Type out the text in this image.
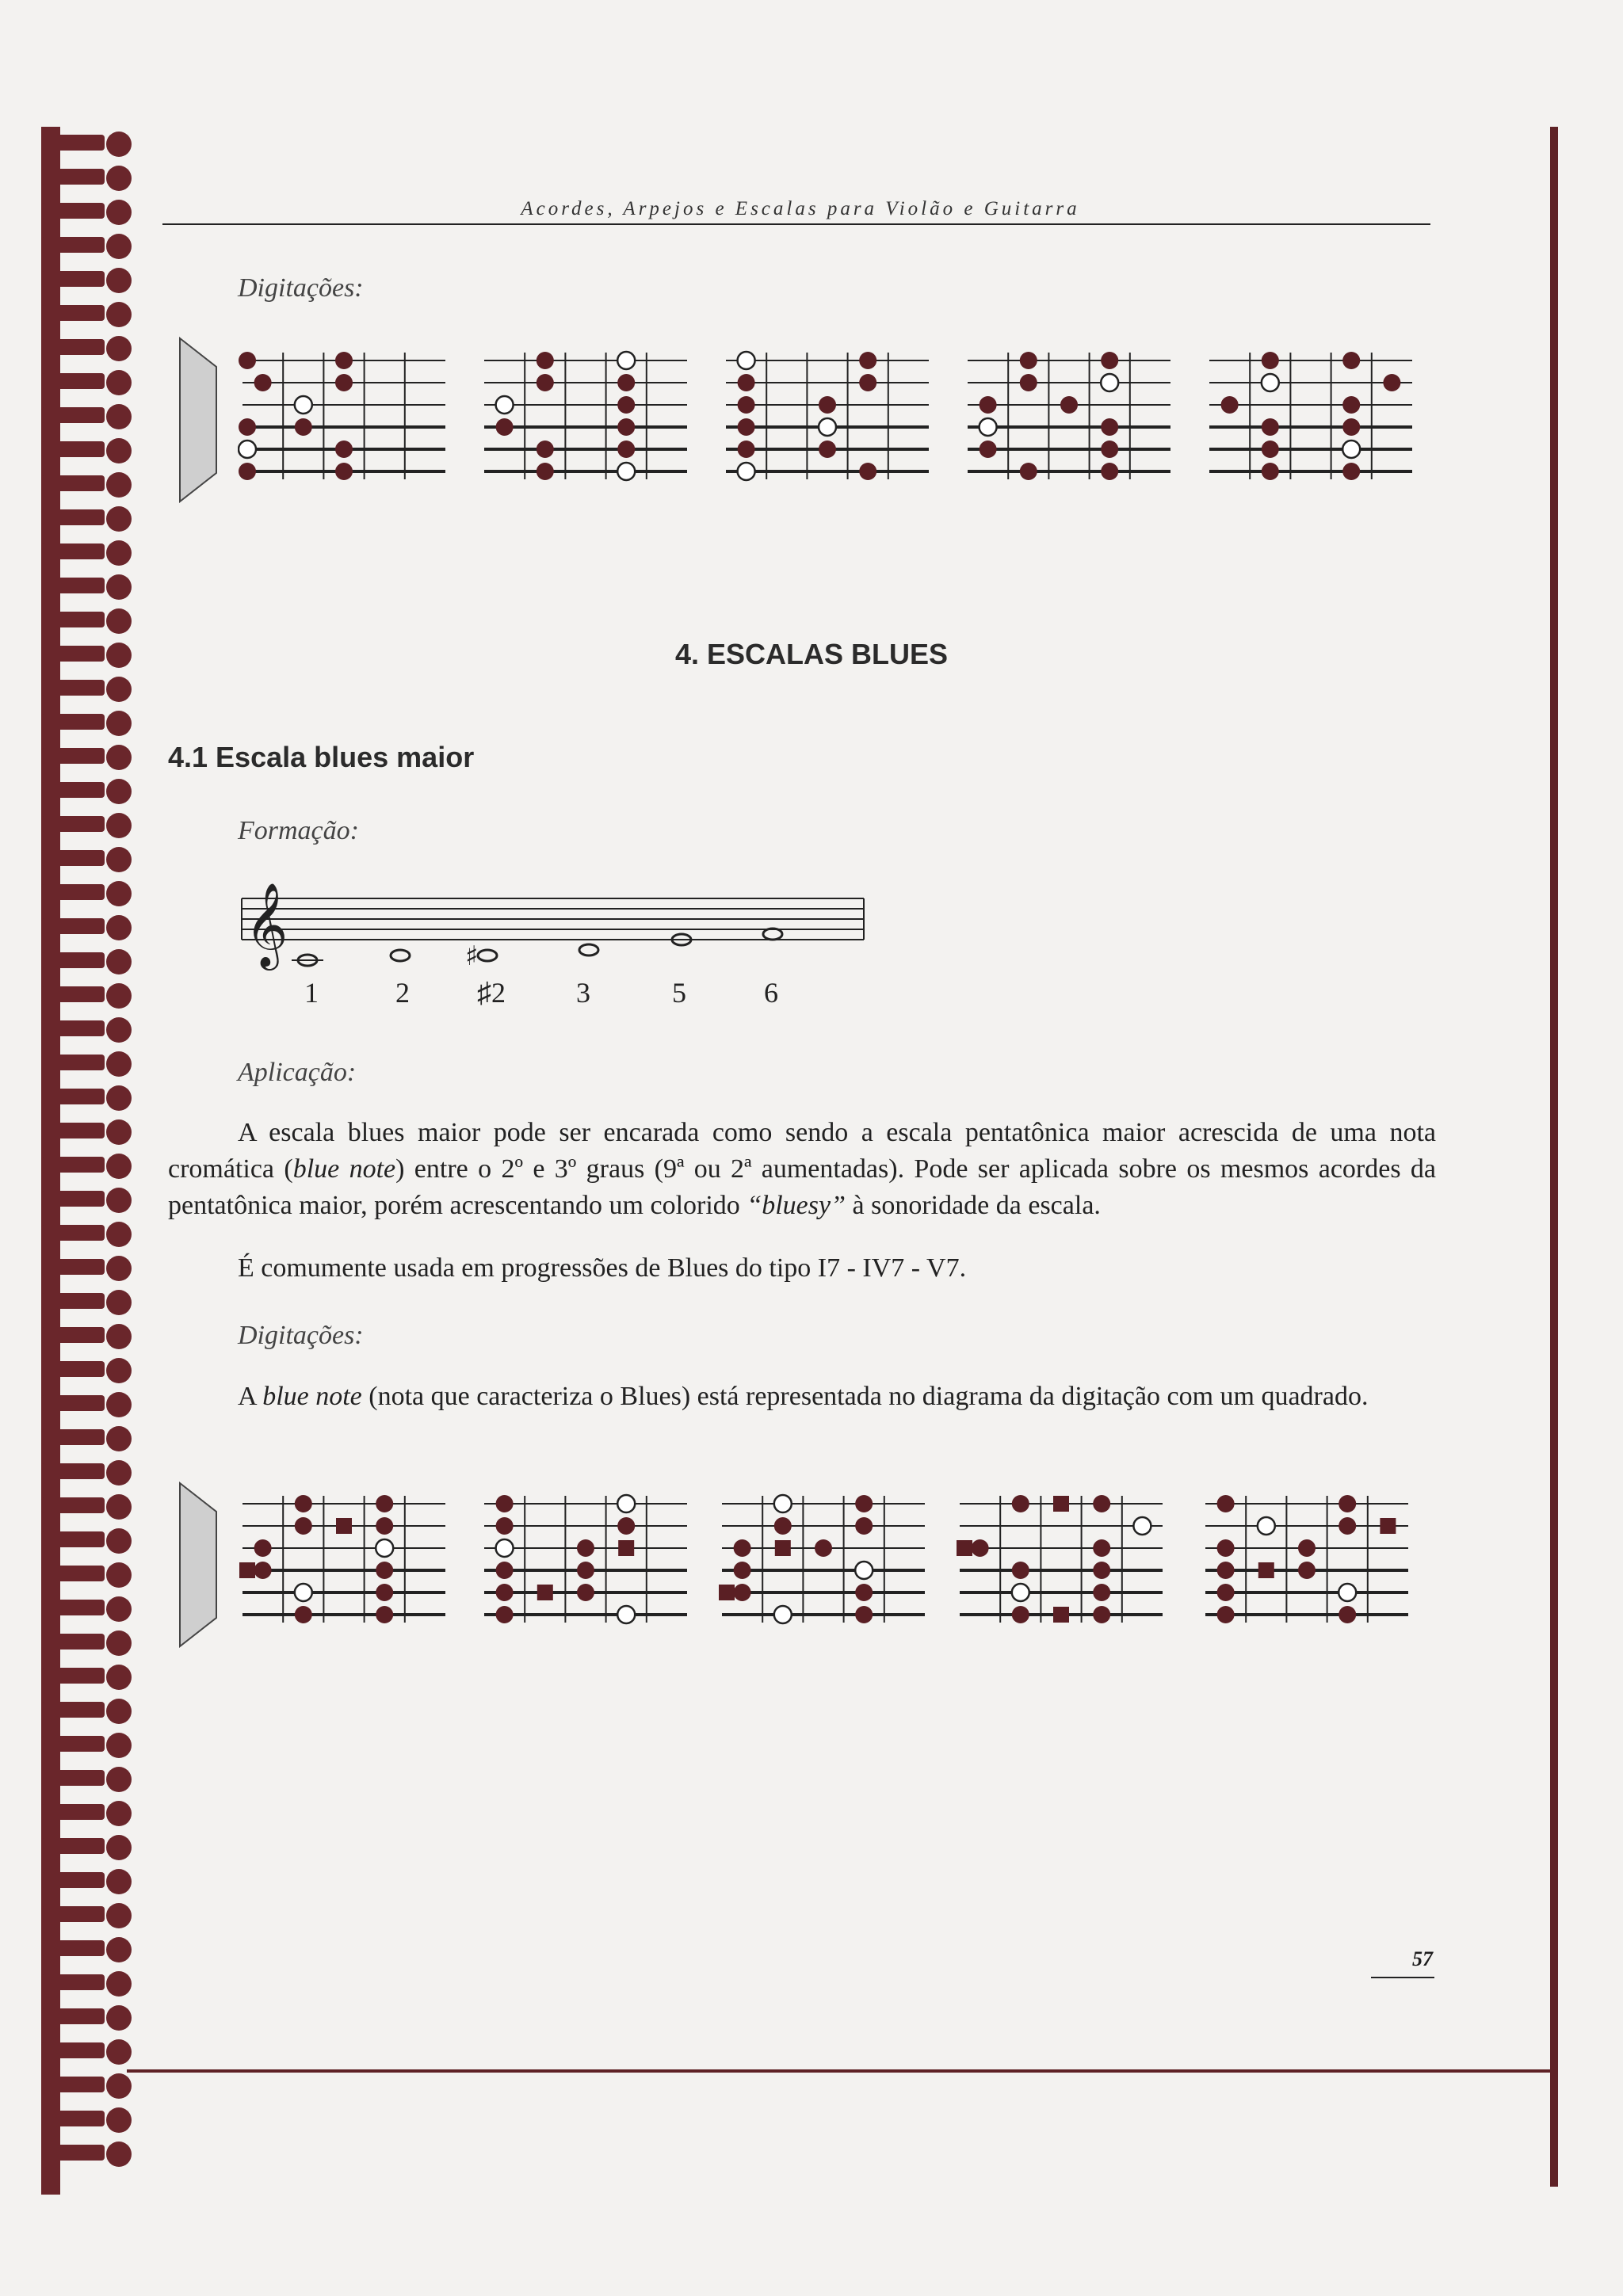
Acordes, Arpejos e Escalas para Violão e Guitarra
Digitações:
4. ESCALAS BLUES
4.1 Escala blues maior
Formação:
𝄞	♯
1	2	♯2	3	5	6
Aplicação:
A escala blues maior pode ser encarada como sendo a escala pentatônica maior acrescida de uma nota cromática (blue note) entre o 2º e 3º graus (9ª ou 2ª aumentadas). Pode ser aplicada sobre os mesmos acordes da pentatônica maior, porém acrescentando um colorido “bluesy” à sonoridade da escala.
É comumente usada em progressões de Blues do tipo I7 - IV7 - V7.
Digitações:
A blue note (nota que caracteriza o Blues) está representada no diagrama da digitação com um quadrado.
57
